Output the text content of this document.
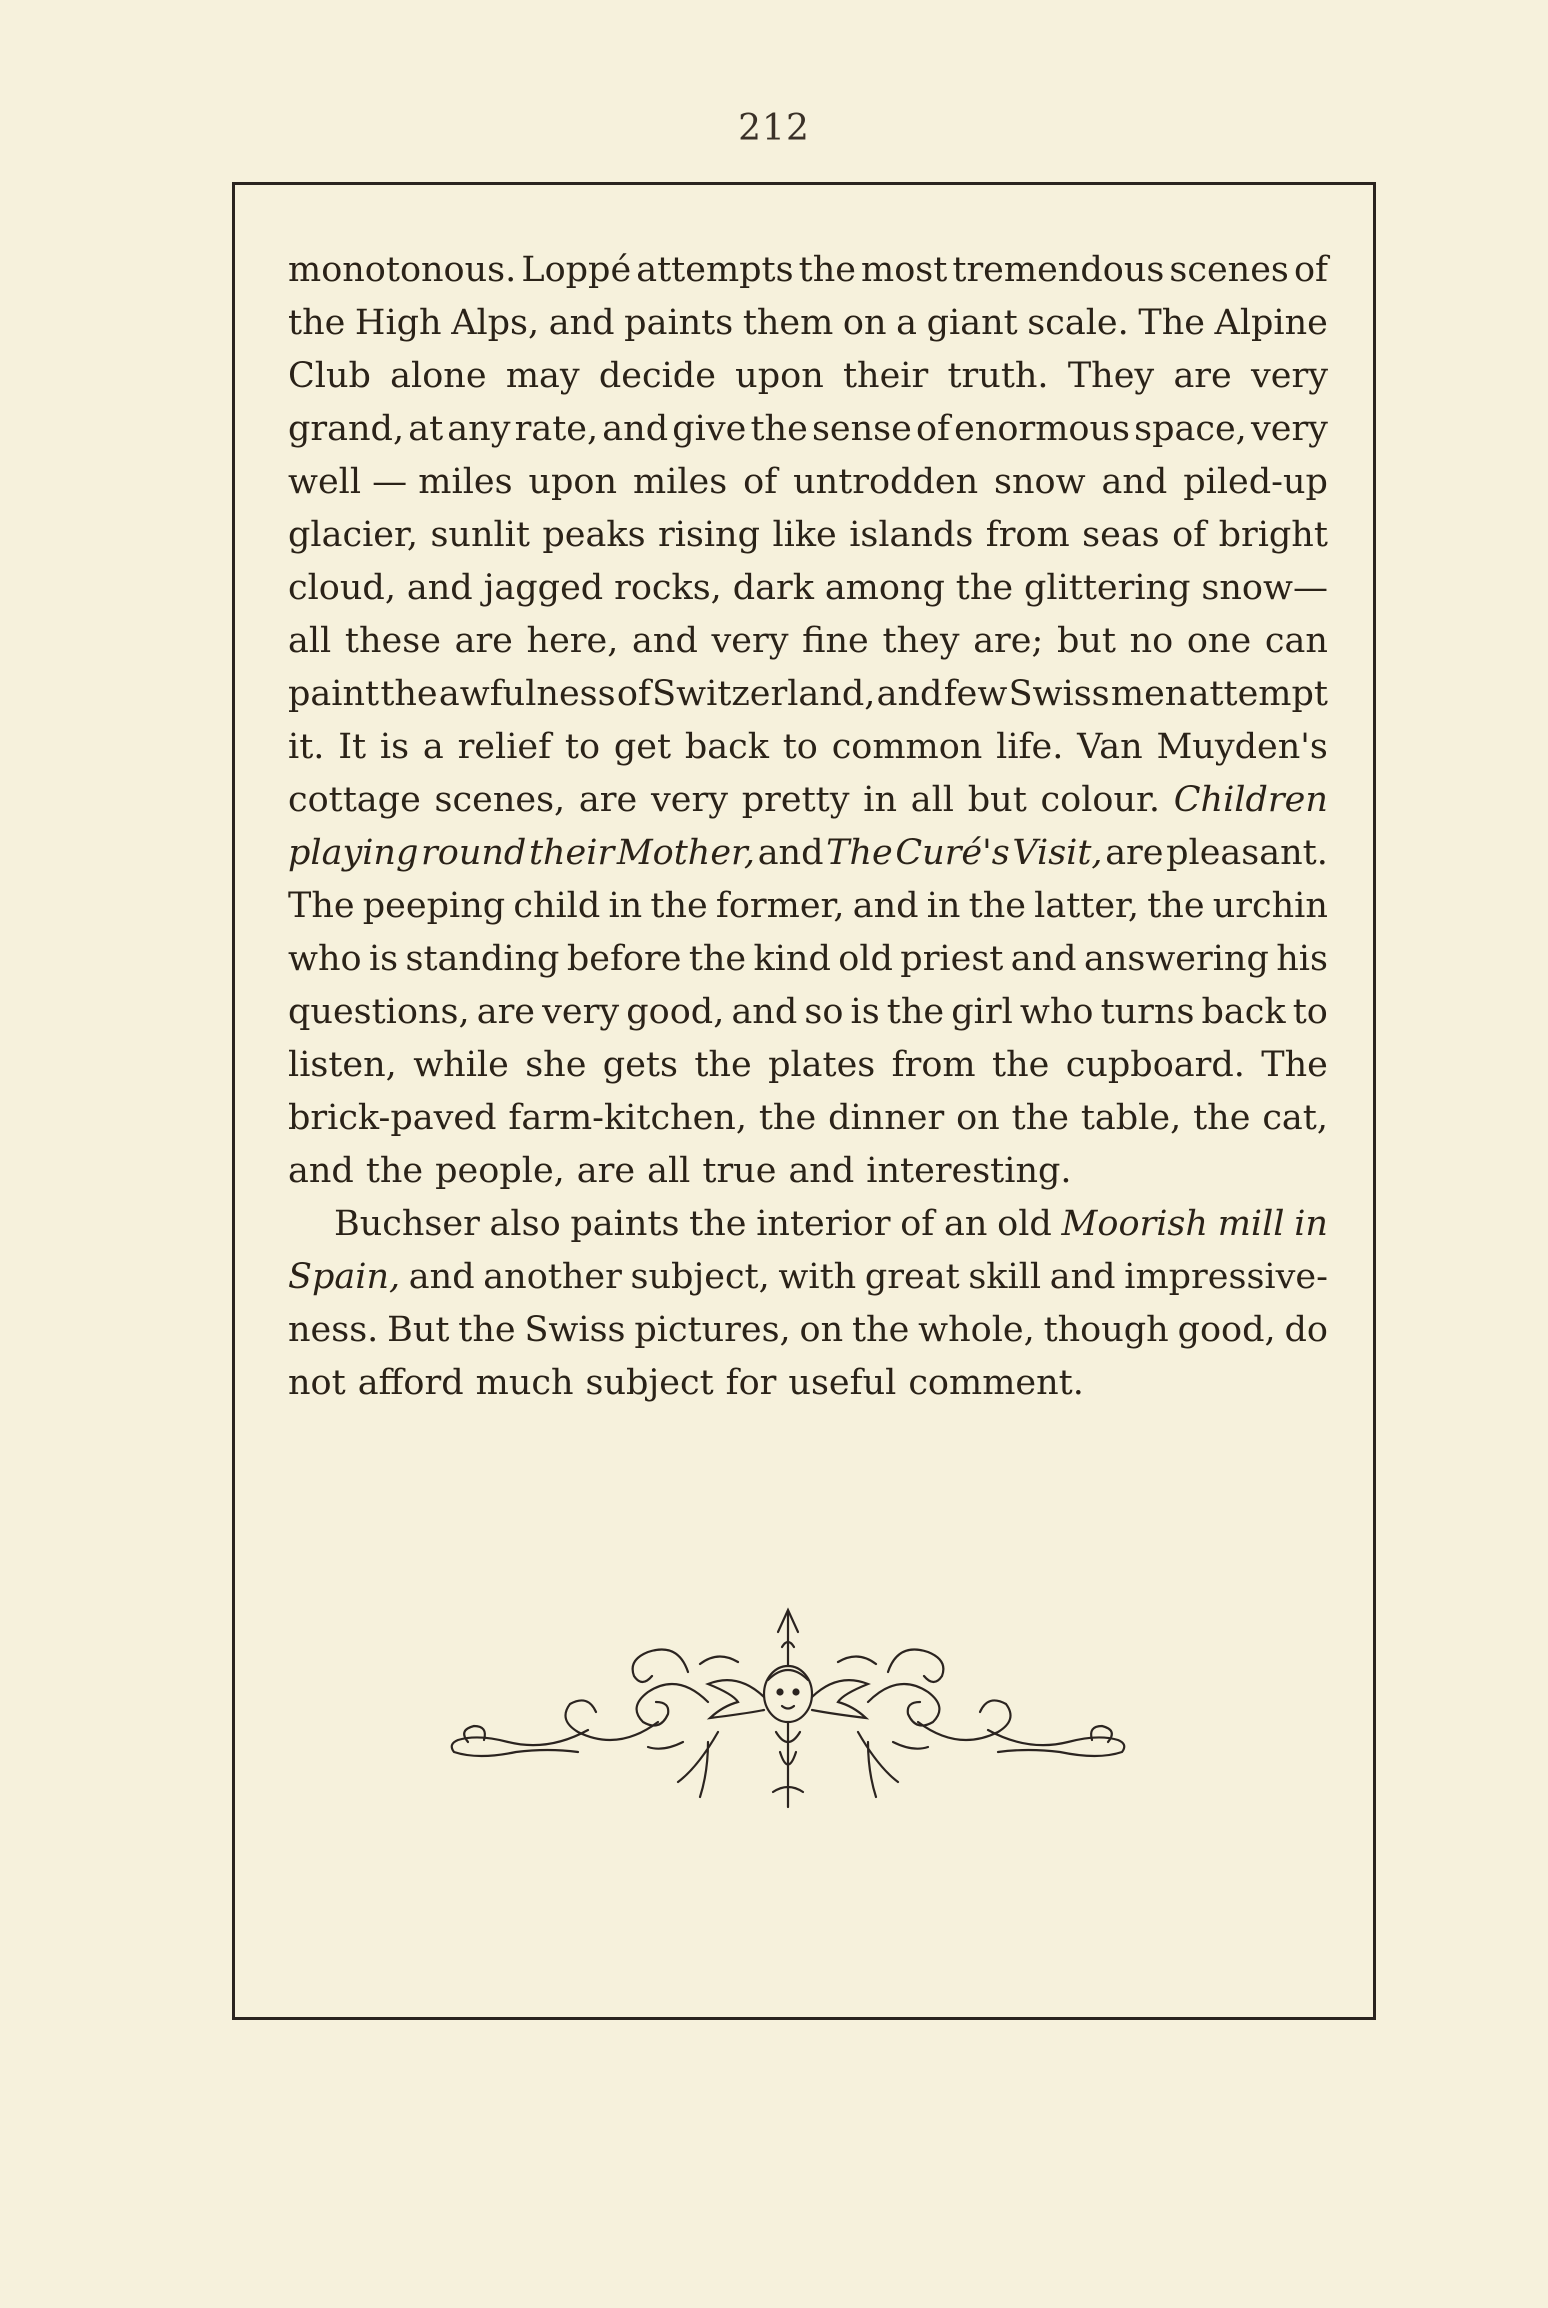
212
monotonous. Loppé attempts the most tremendous scenes of
the High Alps, and paints them on a giant scale. The Alpine
Club alone may decide upon their truth. They are very
grand, at any rate, and give the sense of enormous space, very
well — miles upon miles of untrodden snow and piled-up
glacier, sunlit peaks rising like islands from seas of bright
cloud, and jagged rocks, dark among the glittering snow—
all these are here, and very fine they are; but no one can
paint the awfulness of Switzerland, and few Swiss men attempt
it. It is a relief to get back to common life. Van Muyden's
cottage scenes, are very pretty in all but colour. Children
playing round their Mother, and The Curé's Visit, are pleasant.
The peeping child in the former, and in the latter, the urchin
who is standing before the kind old priest and answering his
questions, are very good, and so is the girl who turns back to
listen, while she gets the plates from the cupboard. The
brick-paved farm-kitchen, the dinner on the table, the cat,
and the people, are all true and interesting.
Buchser also paints the interior of an old Moorish mill in
Spain, and another subject, with great skill and impressive-
ness. But the Swiss pictures, on the whole, though good, do
not afford much subject for useful comment.
